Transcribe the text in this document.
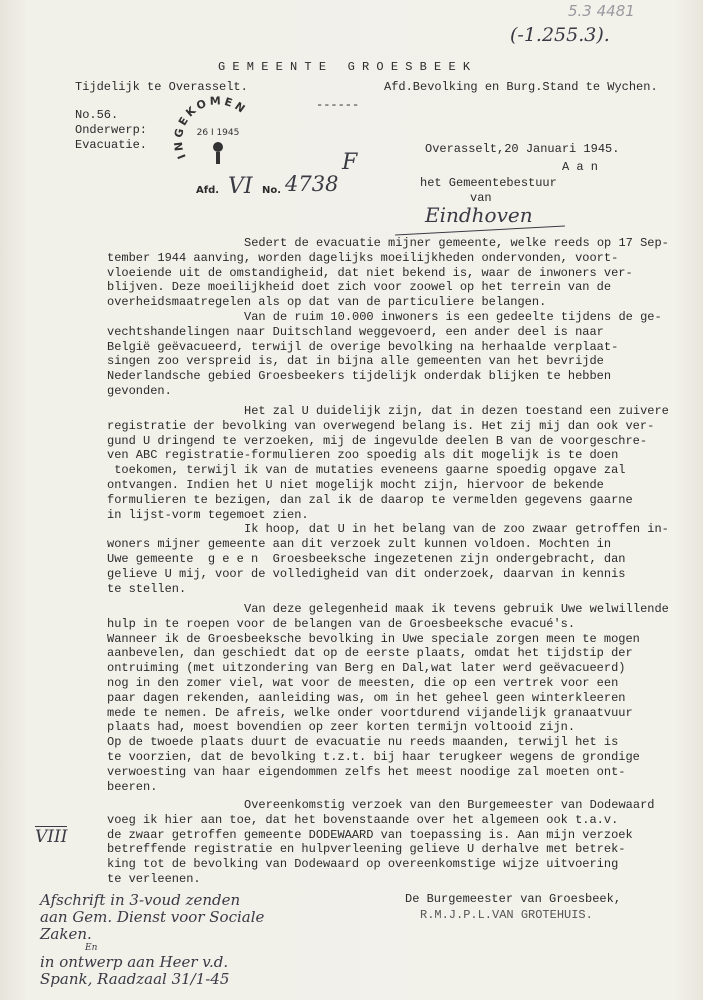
5.3 4481
(-1.255.3).
G E M E E N T E   G R O E S B E E K
Tijdelijk te Overasselt.	Afd.Bevolking en Burg.Stand te Wychen.
------
No.56.
Onderwerp:
Evacuatie.
INGEKOMEN
26 I 1945
Afd. VI No. 4738
F
Overasselt,20 Januari 1945.
A a n
het Gemeentebestuur
van
Eindhoven
Sedert de evacuatie mijner gemeente, welke reeds op 17 Sep-
tember 1944 aanving, worden dagelijks moeilijkheden ondervonden, voort-
vloeiende uit de omstandigheid, dat niet bekend is, waar de inwoners ver-
blijven. Deze moeilijkheid doet zich voor zoowel op het terrein van de
overheidsmaatregelen als op dat van de particuliere belangen.
Van de ruim 10.000 inwoners is een gedeelte tijdens de ge-
vechtshandelingen naar Duitschland weggevoerd, een ander deel is naar
België geëvacueerd, terwijl de overige bevolking na herhaalde verplaat-
singen zoo verspreid is, dat in bijna alle gemeenten van het bevrijde
Nederlandsche gebied Groesbeekers tijdelijk onderdak blijken te hebben
gevonden.
Het zal U duidelijk zijn, dat in dezen toestand een zuivere
registratie der bevolking van overwegend belang is. Het zij mij dan ook ver-
gund U dringend te verzoeken, mij de ingevulde deelen B van de voorgeschre-
ven ABC registratie-formulieren zoo spoedig als dit mogelijk is te doen
toekomen, terwijl ik van de mutaties eveneens gaarne spoedig opgave zal
ontvangen. Indien het U niet mogelijk mocht zijn, hiervoor de bekende
formulieren te bezigen, dan zal ik de daarop te vermelden gegevens gaarne
in lijst-vorm tegemoet zien.
Ik hoop, dat U in het belang van de zoo zwaar getroffen in-
woners mijner gemeente aan dit verzoek zult kunnen voldoen. Mochten in
Uwe gemeente  g e e n  Groesbeeksche ingezetenen zijn ondergebracht, dan
gelieve U mij, voor de volledigheid van dit onderzoek, daarvan in kennis
te stellen.
Van deze gelegenheid maak ik tevens gebruik Uwe welwillende
hulp in te roepen voor de belangen van de Groesbeeksche evacué's.
Wanneer ik de Groesbeeksche bevolking in Uwe speciale zorgen meen te mogen
aanbevelen, dan geschiedt dat op de eerste plaats, omdat het tijdstip der
ontruiming (met uitzondering van Berg en Dal,wat later werd geëvacueerd)
nog in den zomer viel, wat voor de meesten, die op een vertrek voor een
paar dagen rekenden, aanleiding was, om in het geheel geen winterkleeren
mede te nemen. De afreis, welke onder voortdurend vijandelijk granaatvuur
plaats had, moest bovendien op zeer korten termijn voltooid zijn.
Op de twoede plaats duurt de evacuatie nu reeds maanden, terwijl het is
te voorzien, dat de bevolking t.z.t. bij haar terugkeer wegens de grondige
verwoesting van haar eigendommen zelfs het meest noodige zal moeten ont-
beeren.
Overeenkomstig verzoek van den Burgemeester van Dodewaard
voeg ik hier aan toe, dat het bovenstaande over het algemeen ook t.a.v.
de zwaar getroffen gemeente DODEWAARD van toepassing is. Aan mijn verzoek
betreffende registratie en hulpverleening gelieve U derhalve met betrek-
king tot de bevolking van Dodewaard op overeenkomstige wijze uitvoering
te verleenen.
VIII
De Burgemeester van Groesbeek,
R.M.J.P.L.VAN GROTEHUIS.
Afschrift in 3-voud zenden
aan Gem. Dienst voor Sociale
Zaken.
En
in ontwerp aan Heer v.d.
Spank, Raadzaal 31/1-45
